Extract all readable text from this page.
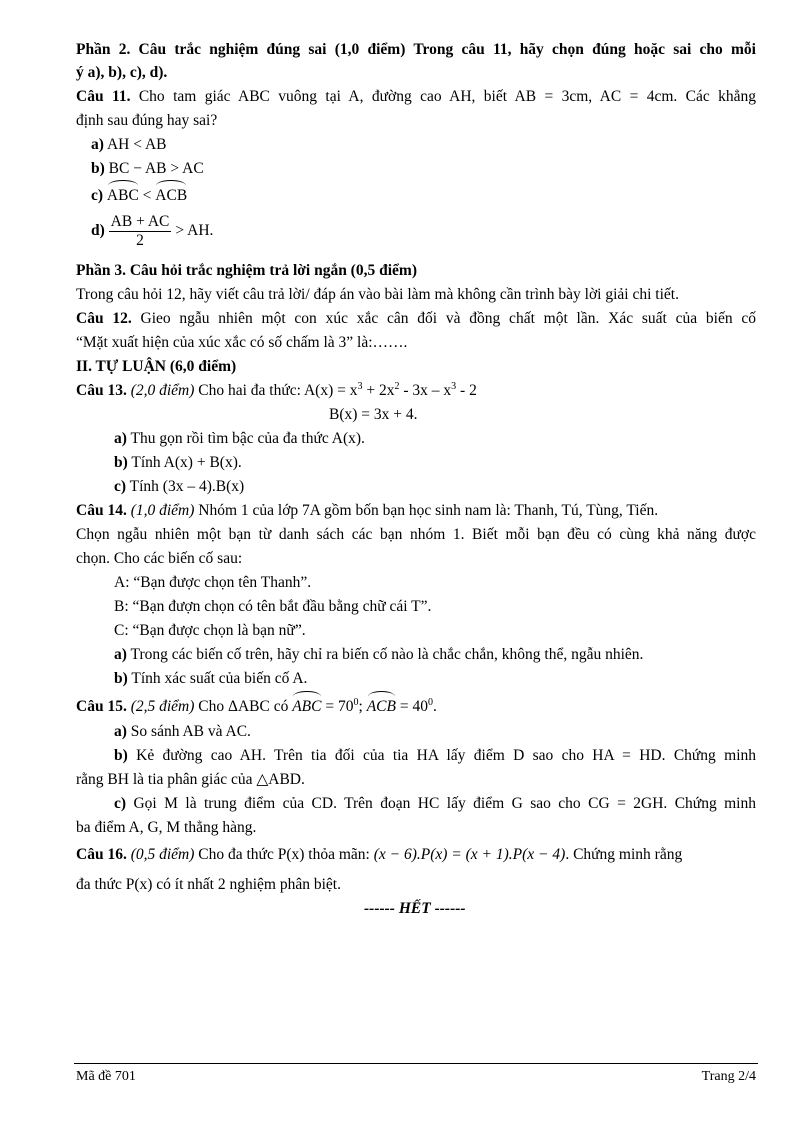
Phần 2. Câu trắc nghiệm đúng sai (1,0 điểm) Trong câu 11, hãy chọn đúng hoặc sai cho mỗi
ý a), b), c), d).
Câu 11. Cho tam giác ABC vuông tại A, đường cao AH, biết AB = 3cm, AC = 4cm. Các khẳng
định sau đúng hay sai?
a) AH < AB
b) BC − AB > AC
c) ABC < ACB
$d) \frac{AB + AC}{2}$ > AH.
Phần 3. Câu hỏi trắc nghiệm trả lời ngắn (0,5 điểm)
Trong câu hỏi 12, hãy viết câu trả lời/ đáp án vào bài làm mà không cần trình bày lời giải chi tiết.
Câu 12. Gieo ngẫu nhiên một con xúc xắc cân đối và đồng chất một lần. Xác suất của biến cố
“Mặt xuất hiện của xúc xắc có số chấm là 3” là:…….
II. TỰ LUẬN (6,0 điểm)
Câu 13. (2,0 điểm) Cho hai đa thức: $A(x) = x^3 + 2x^2 - 3x - x^3 - 2$
B(x) = 3x + 4.
a) Thu gọn rồi tìm bậc của đa thức A(x).
b) Tính A(x) + B(x).
c) Tính (3x – 4).B(x)
Câu 14. (1,0 điểm) Nhóm 1 của lớp 7A gồm bốn bạn học sinh nam là: Thanh, Tú, Tùng, Tiến.
Chọn ngẫu nhiên một bạn từ danh sách các bạn nhóm 1. Biết mỗi bạn đều có cùng khả năng được
chọn. Cho các biến cố sau:
A: “Bạn được chọn tên Thanh”.
B: “Bạn đượn chọn có tên bắt đầu bằng chữ cái T”.
C: “Bạn được chọn là bạn nữ”.
a) Trong các biến cố trên, hãy chỉ ra biến cố nào là chắc chắn, không thể, ngẫu nhiên.
b) Tính xác suất của biến cố A.
Câu 15. (2,5 điểm) Cho ΔABC có ABC = $70^0$; ACB = $40^0$.
a) So sánh AB và AC.
b) Kẻ đường cao AH. Trên tia đối của tia HA lấy điểm D sao cho HA = HD. Chứng minh
rằng BH là tia phân giác của △ABD.
c) Gọi M là trung điểm của CD. Trên đoạn HC lấy điểm G sao cho CG = 2GH. Chứng minh
ba điểm A, G, M thẳng hàng.
Câu 16. (0,5 điểm) Cho đa thức P(x) thỏa mãn: (x − 6).P(x) = (x + 1).P(x − 4). Chứng minh rằng
đa thức P(x) có ít nhất 2 nghiệm phân biệt.
------ HẾT ------
Mã đề 701	Trang 2/4
